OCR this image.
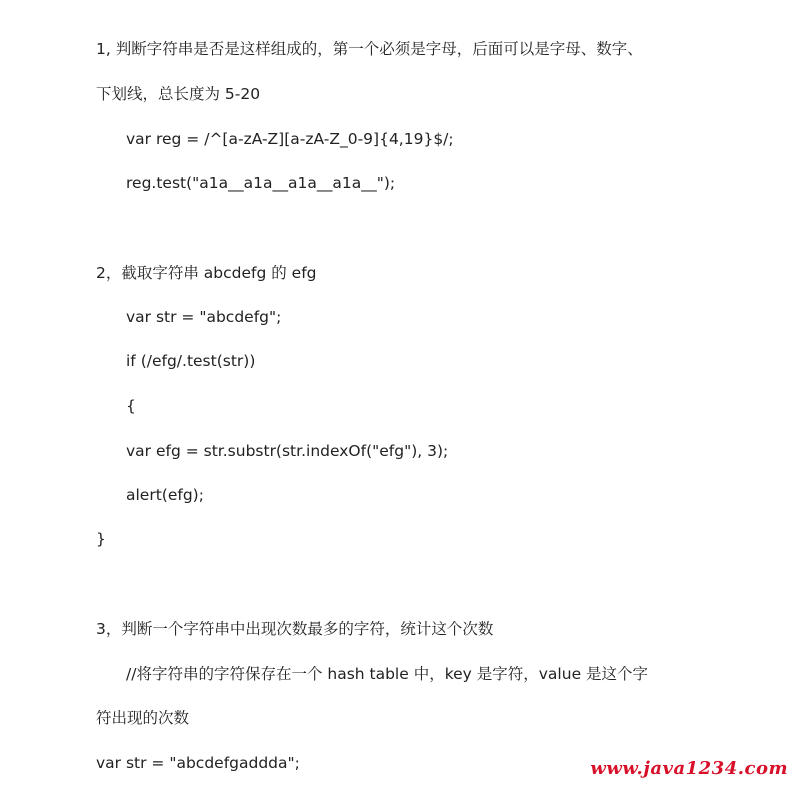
1, 判断字符串是否是这样组成的，第一个必须是字母，后面可以是字母、数字、
下划线，总长度为 5-20
var reg = /^[a-zA-Z][a-zA-Z_0-9]{4,19}$/;
reg.test("a1a__a1a__a1a__a1a__");
2，截取字符串 abcdefg 的 efg
var str = "abcdefg";
if (/efg/.test(str))
{
var efg = str.substr(str.indexOf("efg"), 3);
alert(efg);
}
3，判断一个字符串中出现次数最多的字符，统计这个次数
//将字符串的字符保存在一个 hash table 中，key 是字符，value 是这个字
符出现的次数
var str = "abcdefgaddda";	www.java1234.com
